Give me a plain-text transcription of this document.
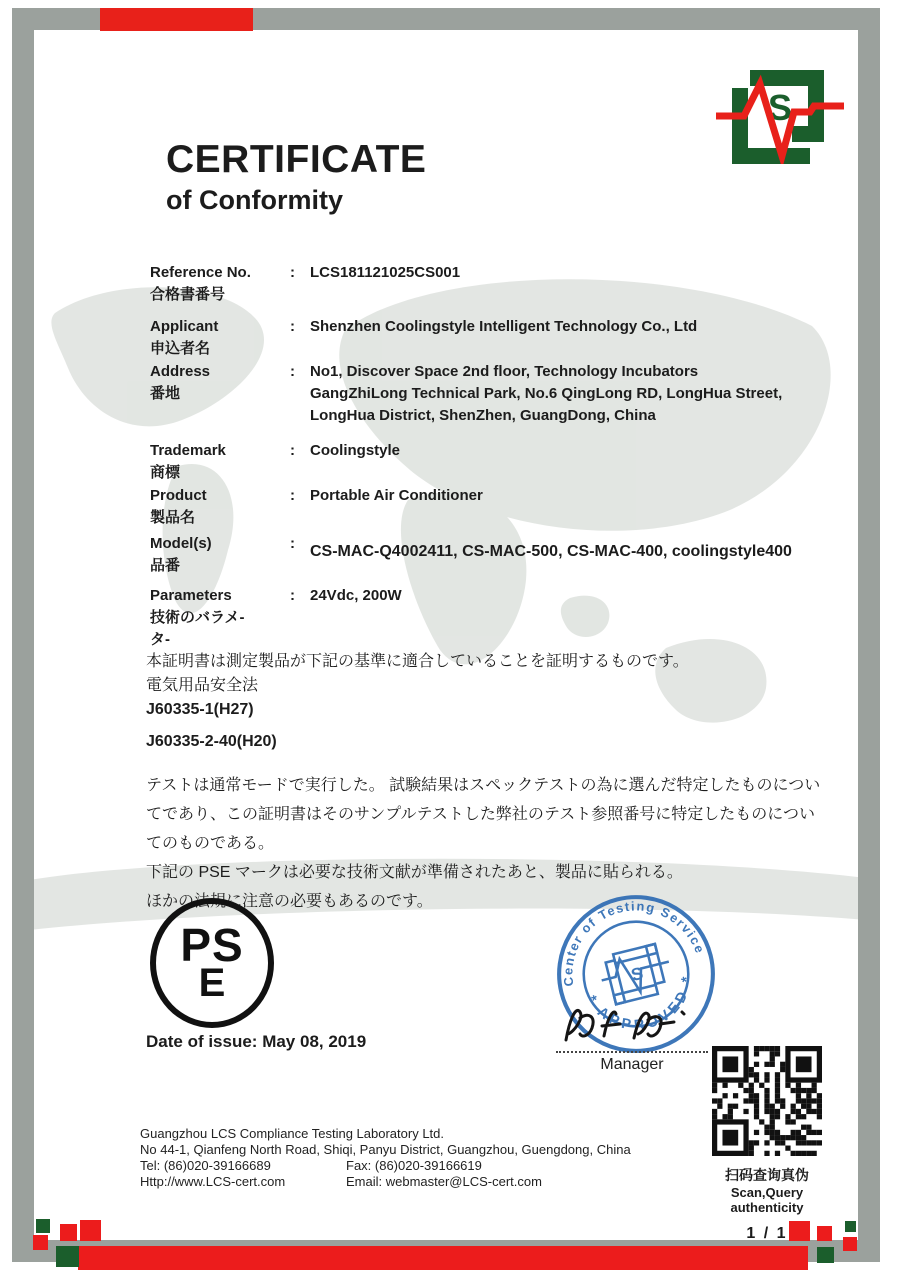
S
CERTIFICATE
of Conformity
Reference No.
合格書番号
:	LCS181121025CS001
Applicant
申込者名
:	Shenzhen Coolingstyle Intelligent Technology Co., Ltd
Address
番地
:	No1, Discover Space 2nd floor, Technology Incubators
GangZhiLong Technical Park, No.6 QingLong RD, LongHua Street,
LongHua District, ShenZhen, GuangDong, China
Trademark
商標
:	Coolingstyle
Product
製品名
:	Portable Air Conditioner
Model(s)
品番
: CS-MAC-Q4002411, CS-MAC-500, CS-MAC-400, coolingstyle400
Parameters
技術のバラメ-
タ-
:	24Vdc, 200W
本証明書は測定製品が下記の基準に適合していることを証明するものです。
電気用品安全法
J60335-1(H27)
J60335-2-40(H20)
テストは通常モードで実行した。 試験結果はスペックテストの為に選んだ特定したものについてであり、この証明書はそのサンプルテストした弊社のテスト参照番号に特定したものについてのものである。
下記の PSE マークは必要な技術文献が準備されたあと、製品に貼られる。
ほかの法規に注意の必要もあるのです。
PS
E	Center of Testing Service
* APPROVED *
S
Manager
Date of issue: May 08, 2019
Guangzhou LCS Compliance Testing Laboratory Ltd.
No 44-1, Qianfeng North Road, Shiqi, Panyu District, Guangzhou, Guengdong, China
Tel: (86)020-39166689	Fax: (86)020-39166619
Http://www.LCS-cert.com	Email: webmaster@LCS-cert.com	扫码查询真伪
Scan,Query authenticity
1 / 1
